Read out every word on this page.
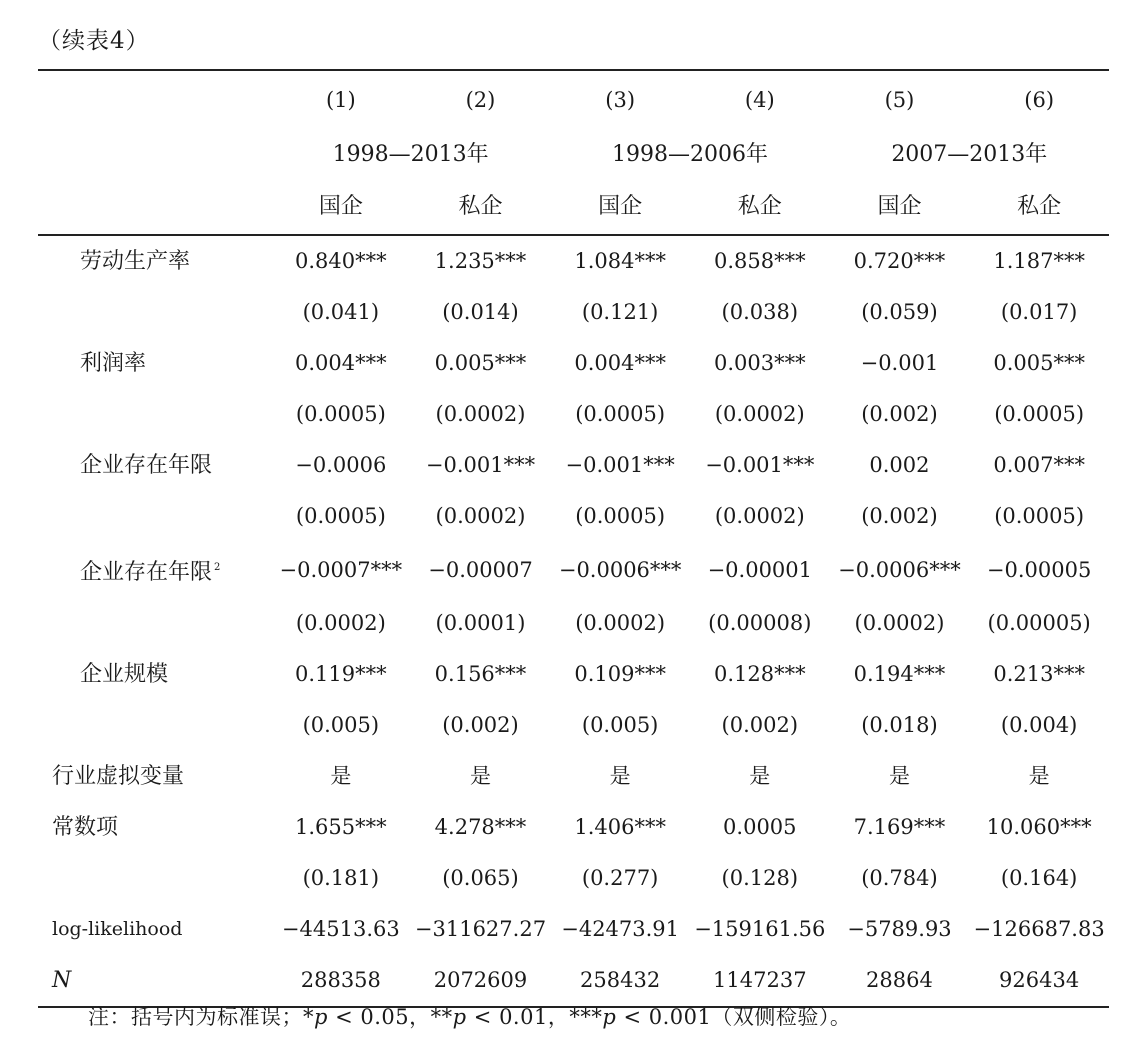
（续表4）
	(1)	(2)	(3)	(4)	(5)	(6)
	1998—2013年		1998—2006年		2007—2013年	
	国企	私企	国企	私企	国企	私企
劳动生产率	0.840***	1.235***	1.084***	0.858***	0.720***	1.187***
	(0.041)	(0.014)	(0.121)	(0.038)	(0.059)	(0.017)
利润率	0.004***	0.005***	0.004***	0.003***	−0.001	0.005***
	(0.0005)	(0.0002)	(0.0005)	(0.0002)	(0.002)	(0.0005)
企业存在年限	−0.0006	−0.001***	−0.001***	−0.001***	0.002	0.007***
	(0.0005)	(0.0002)	(0.0005)	(0.0002)	(0.002)	(0.0005)
企业存在年限 $^2$	−0.0007***	−0.00007	−0.0006***	−0.00001	−0.0006***	−0.00005
	(0.0002)	(0.0001)	(0.0002)	(0.00008)	(0.0002)	(0.00005)
企业规模	0.119***	0.156***	0.109***	0.128***	0.194***	0.213***
	(0.005)	(0.002)	(0.005)	(0.002)	(0.018)	(0.004)
行业虚拟变量	是	是	是	是	是	是
常数项	1.655***	4.278***	1.406***	0.0005	7.169***	10.060***
	(0.181)	(0.065)	(0.277)	(0.128)	(0.784)	(0.164)
log-likelihood	−44513.63	−311627.27	−42473.91	−159161.56	−5789.93	−126687.83
N	288358	2072609	258432	1147237	28864	926434
注：括号内为标准误；*p < 0.05，**p < 0.01，***p < 0.001（双侧检验）。
